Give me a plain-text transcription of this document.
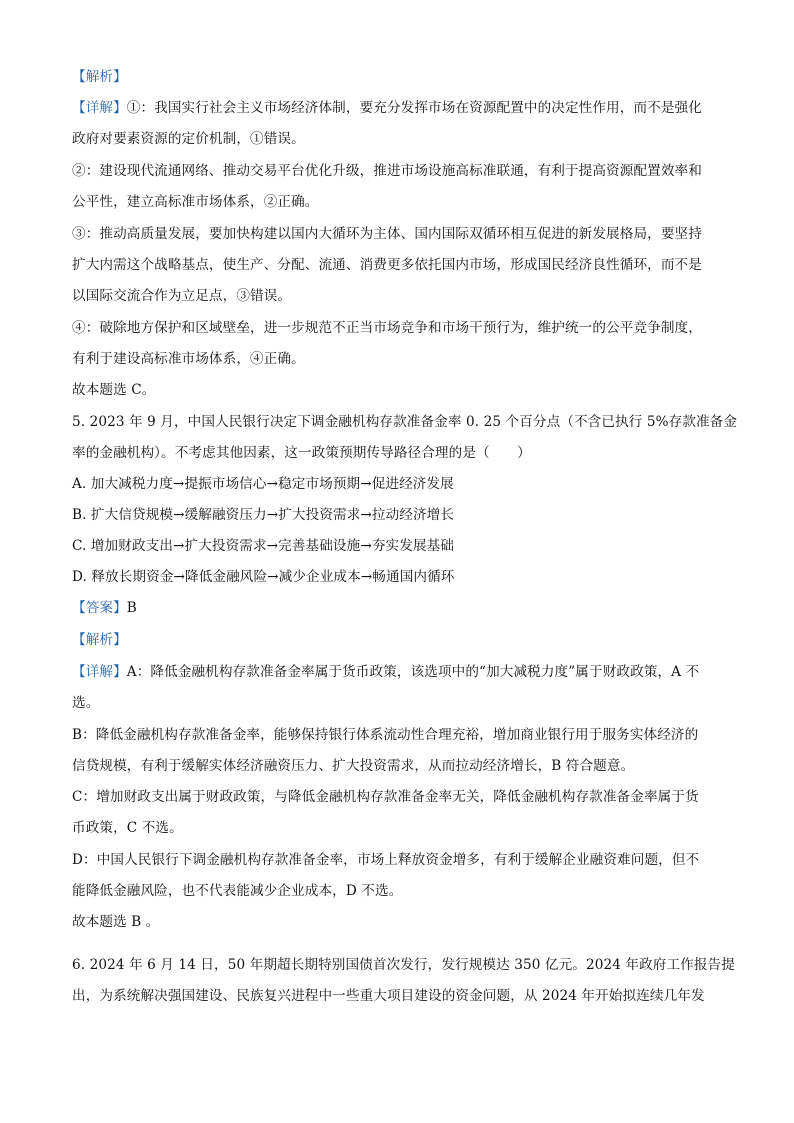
【解析】
【详解】①：我国实行社会主义市场经济体制，要充分发挥市场在资源配置中的决定性作用，而不是强化
政府对要素资源的定价机制，①错误。
②：建设现代流通网络、推动交易平台优化升级，推进市场设施高标准联通，有利于提高资源配置效率和
公平性，建立高标准市场体系，②正确。
③：推动高质量发展，要加快构建以国内大循环为主体、国内国际双循环相互促进的新发展格局，要坚持
扩大内需这个战略基点，使生产、分配、流通、消费更多依托国内市场，形成国民经济良性循环，而不是
以国际交流合作为立足点，③错误。
④：破除地方保护和区域壁垒，进一步规范不正当市场竞争和市场干预行为，维护统一的公平竞争制度，
有利于建设高标准市场体系，④正确。
故本题选 C。
5. 2023 年 9 月，中国人民银行决定下调金融机构存款准备金率 0. 25 个百分点（不含已执行 5%存款准备金
率的金融机构）。不考虑其他因素，这一政策预期传导路径合理的是（　　）
A. 加大减税力度→提振市场信心→稳定市场预期→促进经济发展
B. 扩大信贷规模→缓解融资压力→扩大投资需求→拉动经济增长
C. 增加财政支出→扩大投资需求→完善基础设施→夯实发展基础
D. 释放长期资金→降低金融风险→减少企业成本→畅通国内循环
【答案】B
【解析】
【详解】A：降低金融机构存款准备金率属于货币政策，该选项中的“加大减税力度”属于财政政策，A 不
选。
B：降低金融机构存款准备金率，能够保持银行体系流动性合理充裕，增加商业银行用于服务实体经济的
信贷规模，有利于缓解实体经济融资压力、扩大投资需求，从而拉动经济增长，B 符合题意。
C：增加财政支出属于财政政策，与降低金融机构存款准备金率无关，降低金融机构存款准备金率属于货
币政策，C 不选。
D：中国人民银行下调金融机构存款准备金率，市场上释放资金增多，有利于缓解企业融资难问题，但不
能降低金融风险，也不代表能减少企业成本，D 不选。
故本题选 B 。
6. 2024 年 6 月 14 日，50 年期超长期特别国债首次发行，发行规模达 350 亿元。2024 年政府工作报告提
出，为系统解决强国建设、民族复兴进程中一些重大项目建设的资金问题，从 2024 年开始拟连续几年发
